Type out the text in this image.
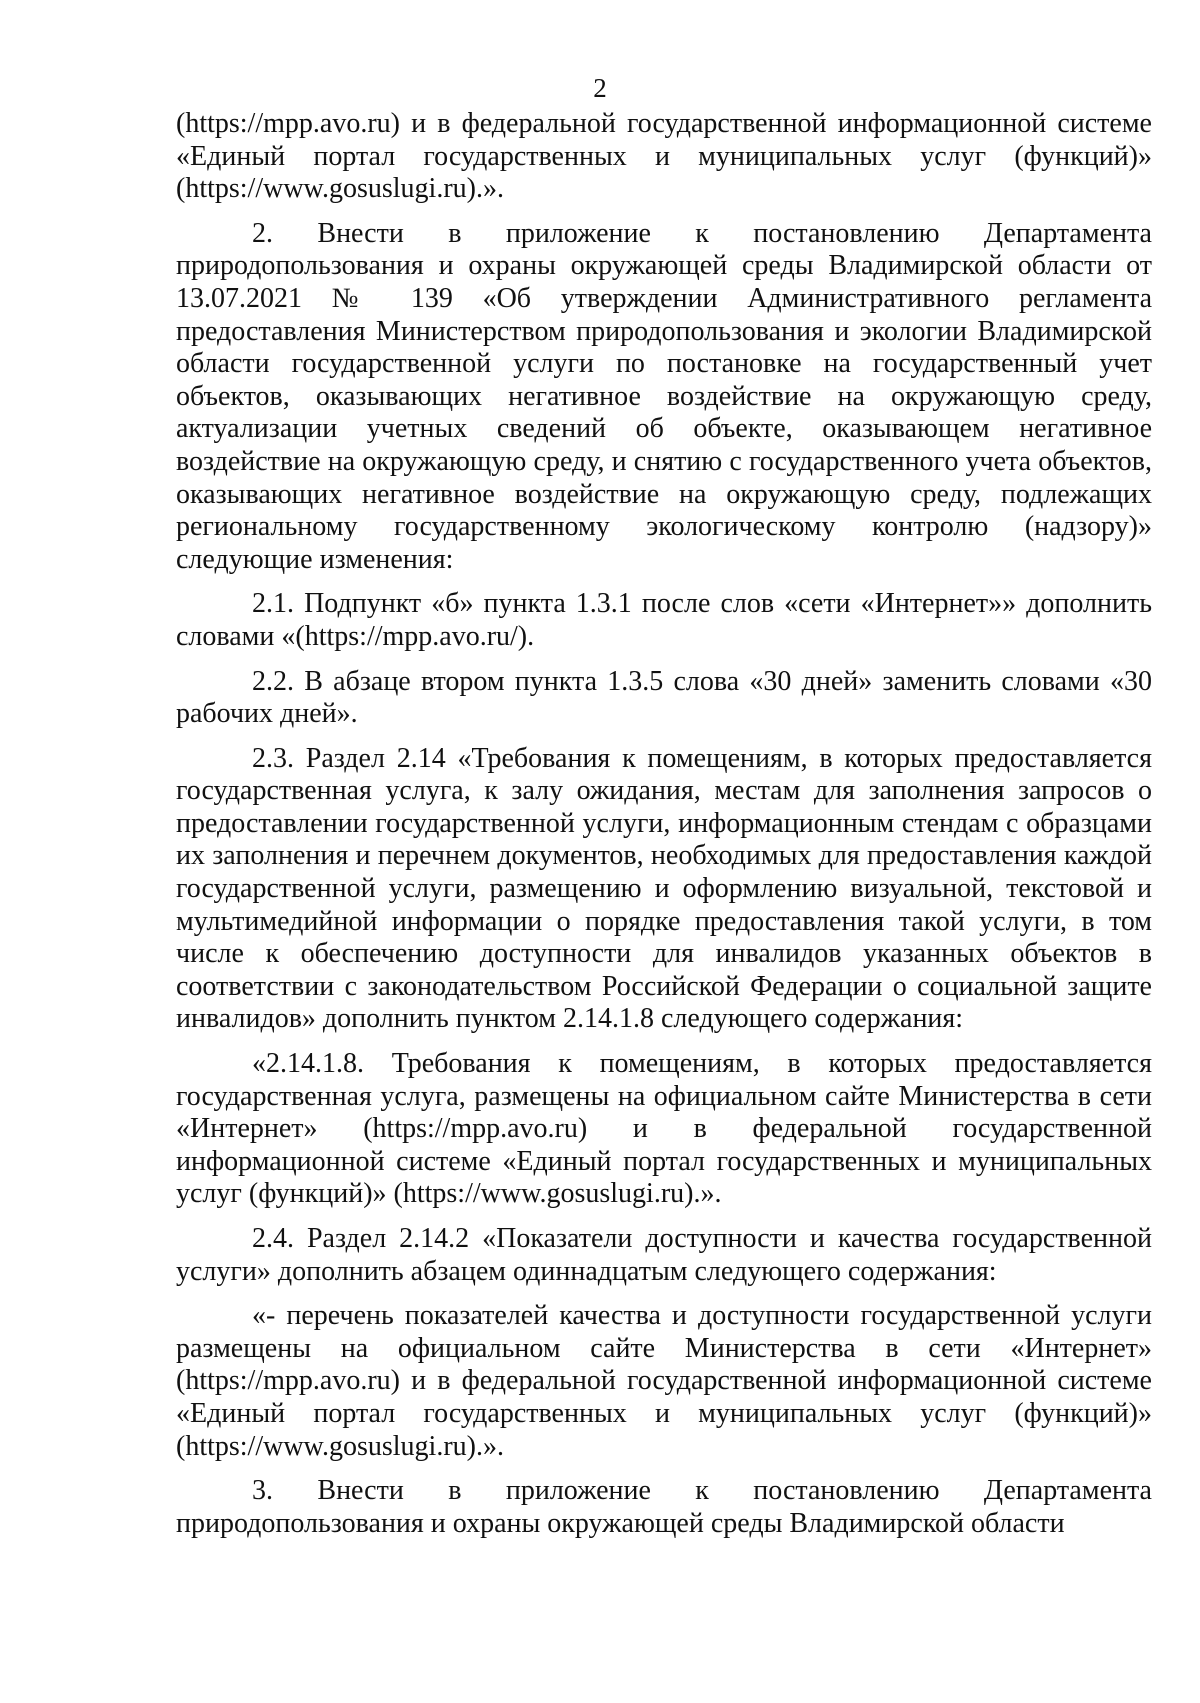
2

(https://mpp.avo.ru) и в федеральной государственной информационной системе «Единый портал государственных и муниципальных услуг (функций)» (https://www.gosuslugi.ru).».

2. Внести в приложение к постановлению Департамента природопользования и охраны окружающей среды Владимирской области от 13.07.2021 № 139 «Об утверждении Административного регламента предоставления Министерством природопользования и экологии Владимирской области государственной услуги по постановке на государственный учет объектов, оказывающих негативное воздействие на окружающую среду, актуализации учетных сведений об объекте, оказывающем негативное воздействие на окружающую среду, и снятию с государственного учета объектов, оказывающих негативное воздействие на окружающую среду, подлежащих региональному государственному экологическому контролю (надзору)» следующие изменения:

2.1. Подпункт «б» пункта 1.3.1 после слов «сети «Интернет»» дополнить словами «(https://mpp.avo.ru/).

2.2. В абзаце втором пункта 1.3.5 слова «30 дней» заменить словами «30 рабочих дней».

2.3. Раздел 2.14 «Требования к помещениям, в которых предоставляется государственная услуга, к залу ожидания, местам для заполнения запросов о предоставлении государственной услуги, информационным стендам с образцами их заполнения и перечнем документов, необходимых для предоставления каждой государственной услуги, размещению и оформлению визуальной, текстовой и мультимедийной информации о порядке предоставления такой услуги, в том числе к обеспечению доступности для инвалидов указанных объектов в соответствии с законодательством Российской Федерации о социальной защите инвалидов» дополнить пунктом 2.14.1.8 следующего содержания:

«2.14.1.8. Требования к помещениям, в которых предоставляется государственная услуга, размещены на официальном сайте Министерства в сети «Интернет» (https://mpp.avo.ru) и в федеральной государственной информационной системе «Единый портал государственных и муниципальных услуг (функций)» (https://www.gosuslugi.ru).».

2.4. Раздел 2.14.2 «Показатели доступности и качества государственной услуги» дополнить абзацем одиннадцатым следующего содержания:

«- перечень показателей качества и доступности государственной услуги размещены на официальном сайте Министерства в сети «Интернет» (https://mpp.avo.ru) и в федеральной государственной информационной системе «Единый портал государственных и муниципальных услуг (функций)» (https://www.gosuslugi.ru).».

3. Внести в приложение к постановлению Департамента природопользования и охраны окружающей среды Владимирской области
